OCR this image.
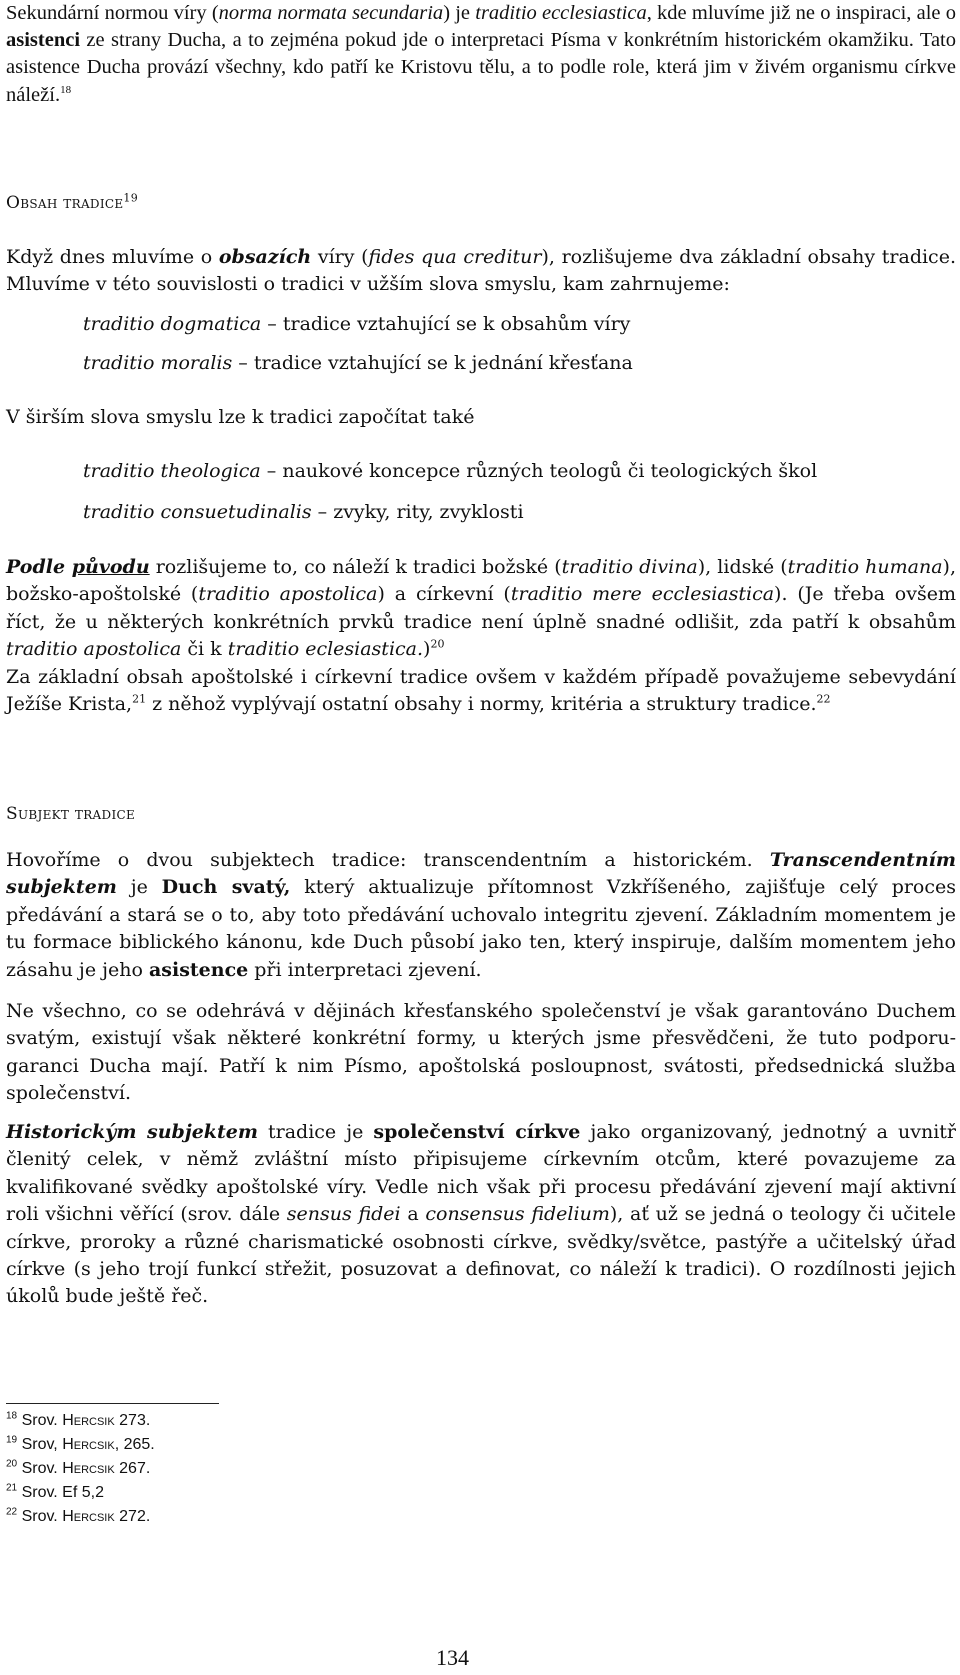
Sekundární normou víry (norma normata secundaria) je traditio ecclesiastica, kde mluvíme již ne o inspiraci, ale o asistenci ze strany Ducha, a to zejména pokud jde o interpretaci Písma v konkrétním historickém okamžiku. Tato asistence Ducha provází všechny, kdo patří ke Kristovu tělu, a to podle role, která jim v živém organismu církve náleží.$^{18}$

Obsah tradice$^{19}$

Když dnes mluvíme o obsazích víry (fides qua creditur), rozlišujeme dva základní obsahy tradice. Mluvíme v této souvislosti o tradici v užším slova smyslu, kam zahrnujeme:

traditio dogmatica – tradice vztahující se k obsahům víry

traditio moralis – tradice vztahující se k jednání křesťana

V širším slova smyslu lze k tradici započítat také

traditio theologica – naukové koncepce různých teologů či teologických škol

traditio consuetudinalis – zvyky, rity, zvyklosti

Podle původu rozlišujeme to, co náleží k tradici božské (traditio divina), lidské (traditio humana), božsko-apoštolské (traditio apostolica) a církevní (traditio mere ecclesiastica). (Je třeba ovšem říct, že u některých konkrétních prvků tradice není úplně snadné odlišit, zda patří k obsahům traditio apostolica či k traditio eclesiastica.)$^{20}$

Za základní obsah apoštolské i církevní tradice ovšem v každém případě považujeme sebevydání Ježíše Krista,$^{21}$ z něhož vyplývají ostatní obsahy i normy, kritéria a struktury tradice.$^{22}$

Subjekt tradice

Hovoříme o dvou subjektech tradice: transcendentním a historickém. Transcendentním subjektem je Duch svatý, který aktualizuje přítomnost Vzkříšeného, zajišťuje celý proces předávání a stará se o to, aby toto předávání uchovalo integritu zjevení. Základním momentem je tu formace biblického kánonu, kde Duch působí jako ten, který inspiruje, dalším momentem jeho zásahu je jeho asistence při interpretaci zjevení.

Ne všechno, co se odehrává v dějinách křesťanského společenství je však garantováno Duchem svatým, existují však některé konkrétní formy, u kterých jsme přesvědčeni, že tuto podporu-garanci Ducha mají. Patří k nim Písmo, apoštolská posloupnost, svátosti, předsednická služba společenství.

Historickým subjektem tradice je společenství církve jako organizovaný, jednotný a uvnitř členitý celek, v němž zvláštní místo připisujeme církevním otcům, které povazujeme za kvalifikované svědky apoštolské víry. Vedle nich však při procesu předávání zjevení mají aktivní roli všichni věřící (srov. dále sensus fidei a consensus fidelium), ať už se jedná o teology či učitele církve, proroky a různé charismatické osobnosti církve, svědky/světce, pastýře a učitelský úřad církve (s jeho trojí funkcí střežit, posuzovat a definovat, co náleží k tradici). O rozdílnosti jejich úkolů bude ještě řeč.

$^{18}$ Srov. Hercsik 273.

$^{19}$ Srov, Hercsik, 265.

$^{20}$ Srov. Hercsik 267.

$^{21}$ Srov. Ef 5,2

$^{22}$ Srov. Hercsik 272.

134
